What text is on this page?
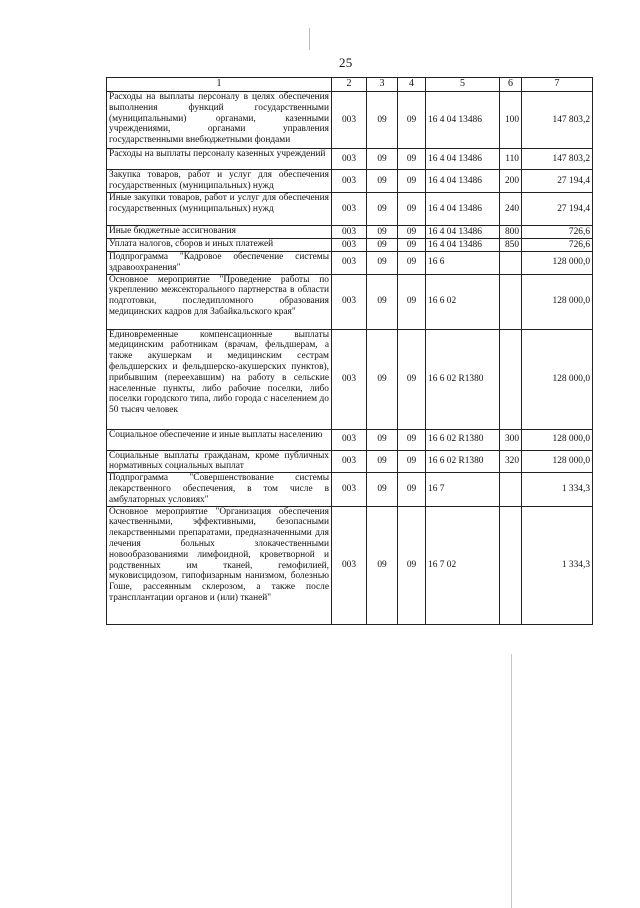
25
1	2	3	4	5	6	7
Расходы на выплаты персоналу в целях обеспечения выполнения функций государственными (муниципальными) органами, казенными учреждениями, органами управления государственными внебюджетными фондами	003	09	09	16 4 04 13486	100	147 803,2
Расходы на выплаты персоналу казенных учреждений	003	09	09	16 4 04 13486	110	147 803,2
Закупка товаров, работ и услуг для обеспечения государственных (муниципальных) нужд	003	09	09	16 4 04 13486	200	27 194,4
Иные закупки товаров, работ и услуг для обеспечения государственных (муниципальных) нужд	003	09	09	16 4 04 13486	240	27 194,4
Иные бюджетные ассигнования	003	09	09	16 4 04 13486	800	726,6
Уплата налогов, сборов и иных платежей	003	09	09	16 4 04 13486	850	726,6
Подпрограмма "Кадровое обеспечение системы здравоохранения"	003	09	09	16 6		128 000,0
Основное мероприятие "Проведение работы по укреплению межсекторального партнерства в области подготовки, последипломного образования медицинских кадров для Забайкальского края"	003	09	09	16 6 02		128 000,0
Единовременные компенсационные выплаты медицинским работникам (врачам, фельдшерам, а также акушеркам и медицинским сестрам фельдшерских и фельдшерско-акушерских пунктов), прибывшим (переехавшим) на работу в сельские населенные пункты, либо рабочие поселки, либо поселки городского типа, либо города с населением до 50 тысяч человек	003	09	09	16 6 02 R1380		128 000,0
Социальное обеспечение и иные выплаты населению	003	09	09	16 6 02 R1380	300	128 000,0
Социальные выплаты гражданам, кроме публичных нормативных социальных выплат	003	09	09	16 6 02 R1380	320	128 000,0
Подпрограмма "Совершенствование системы лекарственного обеспечения, в том числе в амбулаторных условиях"	003	09	09	16 7		1 334,3
Основное мероприятие "Организация обеспечения качественными, эффективными, безопасными лекарственными препаратами, предназначенными для лечения больных злокачественными новообразованиями лимфоидной, кроветворной и родственных им тканей, гемофилией, муковисцидозом, гипофизарным нанизмом, болезнью Гоше, рассеянным склерозом, а также после трансплантации органов и (или) тканей"	003	09	09	16 7 02		1 334,3
